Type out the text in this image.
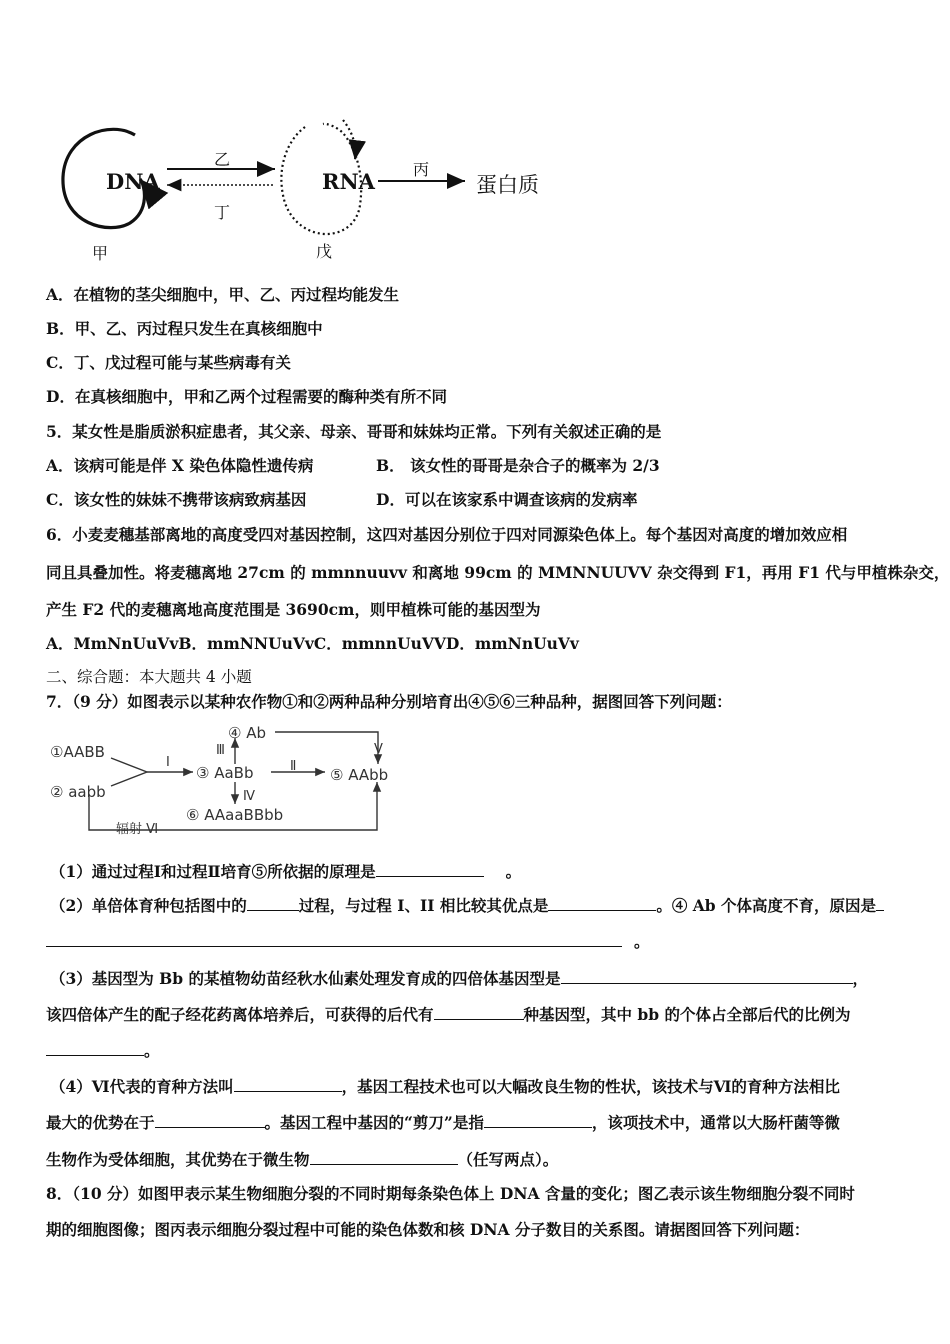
DNA	RNA	蛋白质
乙
丁
丙
甲	戊
A．在植物的茎尖细胞中，甲、乙、丙过程均能发生
B．甲、乙、丙过程只发生在真核细胞中
C．丁、戊过程可能与某些病毒有关
D．在真核细胞中，甲和乙两个过程需要的酶种类有所不同
5．某女性是脂质淤积症患者，其父亲、母亲、哥哥和妹妹均正常。下列有关叙述正确的是
A．该病可能是伴 X 染色体隐性遗传病	B． 该女性的哥哥是杂合子的概率为 2/3
C．该女性的妹妹不携带该病致病基因	D．可以在该家系中调查该病的发病率
6．小麦麦穗基部离地的高度受四对基因控制，这四对基因分别位于四对同源染色体上。每个基因对高度的增加效应相
同且具叠加性。将麦穗离地 27cm 的 mmnnuuvv 和离地 99cm 的 MMNNUUVV 杂交得到 F1，再用 F1 代与甲植株杂交，
产生 F2 代的麦穗离地高度范围是 3690cm，则甲植株可能的基因型为
A．MmNnUuVvB．mmNNUuVvC．mmnnUuVVD．mmNnUuVv
二、综合题：本大题共 4 小题
7．（9 分）如图表示以某种农作物①和②两种品种分别培育出④⑤⑥三种品种，据图回答下列问题：
①AABB
② aabb
③ AaBb
④ Ab
⑤ AAbb
⑥ AAaaBBbb
Ⅰ	Ⅱ
Ⅲ
Ⅳ
Ⅴ
辐射 Ⅵ
（1）通过过程Ⅰ和过程Ⅱ培育⑤所依据的原理是	。
（2）单倍体育种包括图中的	过程，与过程 I、II 相比较其优点是	。④ Ab 个体高度不育，原因是
。
（3）基因型为 Bb 的某植物幼苗经秋水仙素处理发育成的四倍体基因型是	，
该四倍体产生的配子经花药离体培养后，可获得的后代有	种基因型，其中 bb 的个体占全部后代的比例为
。
（4）Ⅵ代表的育种方法叫	，基因工程技术也可以大幅改良生物的性状，该技术与Ⅵ的育种方法相比
最大的优势在于	。基因工程中基因的“剪刀”是指	，该项技术中，通常以大肠杆菌等微
生物作为受体细胞，其优势在于微生物	（任写两点）。
8．（10 分）如图甲表示某生物细胞分裂的不同时期每条染色体上 DNA 含量的变化；图乙表示该生物细胞分裂不同时
期的细胞图像；图丙表示细胞分裂过程中可能的染色体数和核 DNA 分子数目的关系图。请据图回答下列问题：
